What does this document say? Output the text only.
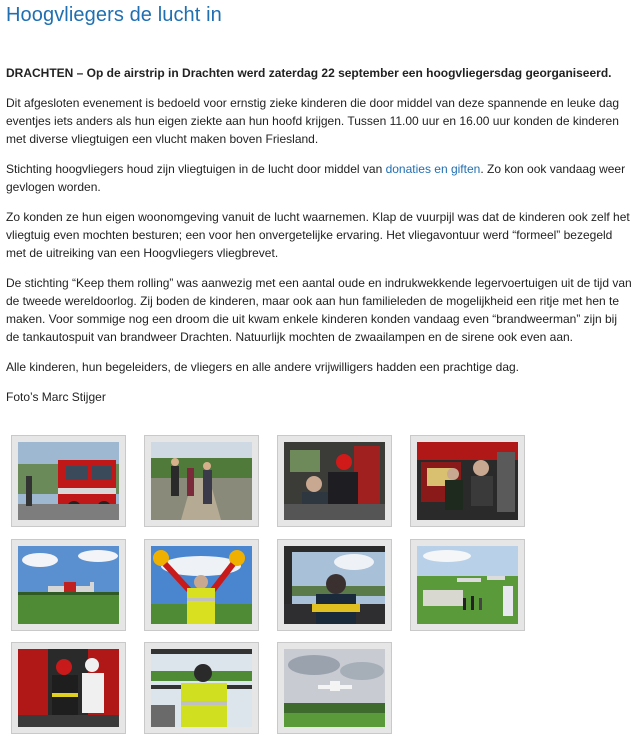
Hoogvliegers de lucht in

DRACHTEN – Op de airstrip in Drachten werd zaterdag 22 september een hoogvliegersdag georganiseerd.

Dit afgesloten evenement is bedoeld voor ernstig zieke kinderen die door middel van deze spannende en leuke dag eventjes iets anders als hun eigen ziekte aan hun hoofd krijgen. Tussen 11.00 uur en 16.00 uur konden de kinderen met diverse vliegtuigen een vlucht maken boven Friesland.

Stichting hoogvliegers houd zijn vliegtuigen in de lucht door middel van donaties en giften. Zo kon ook vandaag weer gevlogen worden.

Zo konden ze hun eigen woonomgeving vanuit de lucht waarnemen. Klap de vuurpijl was dat de kinderen ook zelf het vliegtuig even mochten besturen; een voor hen onvergetelijke ervaring. Het vliegavontuur werd “formeel” bezegeld met de uitreiking van een Hoogvliegers vliegbrevet.

De stichting “Keep them rolling” was aanwezig met een aantal oude en indrukwekkende legervoertuigen uit de tijd van de tweede wereldoorlog. Zij boden de kinderen, maar ook aan hun familieleden de mogelijkheid een ritje met hen te maken. Voor sommige nog een droom die uit kwam enkele kinderen konden vandaag even “brandweerman” zijn bij de tankautospuit van brandweer Drachten. Natuurlijk mochten de zwaailampen en de sirene ook even aan.

Alle kinderen, hun begeleiders, de vliegers en alle andere vrijwilligers hadden een prachtige dag.

Foto’s Marc Stijger
